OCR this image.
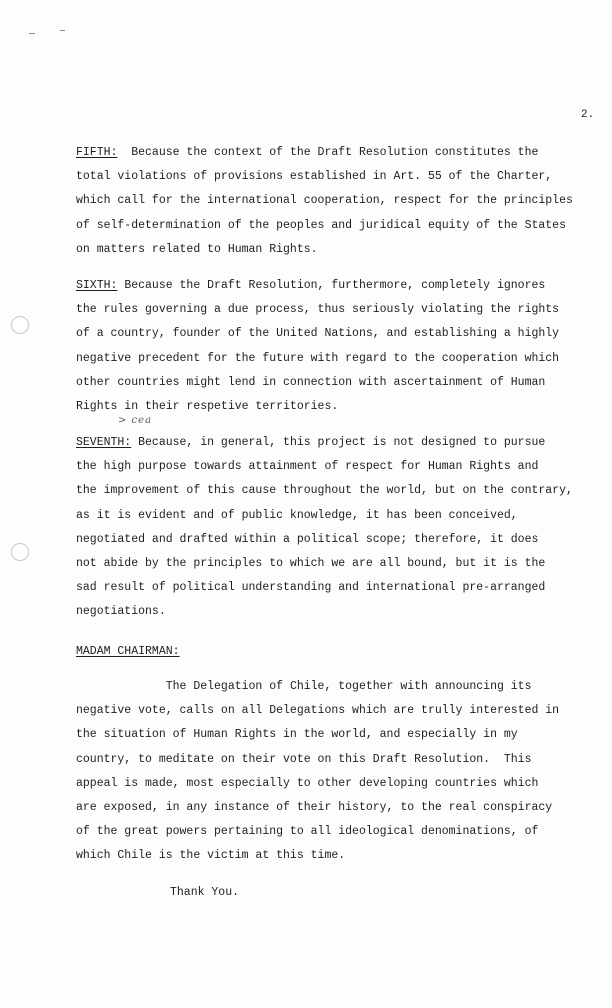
2.

FIFTH:  Because the context of the Draft Resolution constitutes the
total violations of provisions established in Art. 55 of the Charter,
which call for the international cooperation, respect for the principles
of self-determination of the peoples and juridical equity of the States
on matters related to Human Rights.

SIXTH: Because the Draft Resolution, furthermore, completely ignores
the rules governing a due process, thus seriously violating the rights
of a country, founder of the United Nations, and establishing a highly
negative precedent for the future with regard to the cooperation which
other countries might lend in connection with ascertainment of Human
Rights in their respetive territories.

> cea

SEVENTH: Because, in general, this project is not designed to pursue
the high purpose towards attainment of respect for Human Rights and
the improvement of this cause throughout the world, but on the contrary,
as it is evident and of public knowledge, it has been conceived,
negotiated and drafted within a political scope; therefore, it does
not abide by the principles to which we are all bound, but it is the
sad result of political understanding and international pre-arranged
negotiations.

MADAM CHAIRMAN:

The Delegation of Chile, together with announcing its
negative vote, calls on all Delegations which are trully interested in
the situation of Human Rights in the world, and especially in my
country, to meditate on their vote on this Draft Resolution.  This
appeal is made, most especially to other developing countries which
are exposed, in any instance of their history, to the real conspiracy
of the great powers pertaining to all ideological denominations, of
which Chile is the victim at this time.

Thank You.
